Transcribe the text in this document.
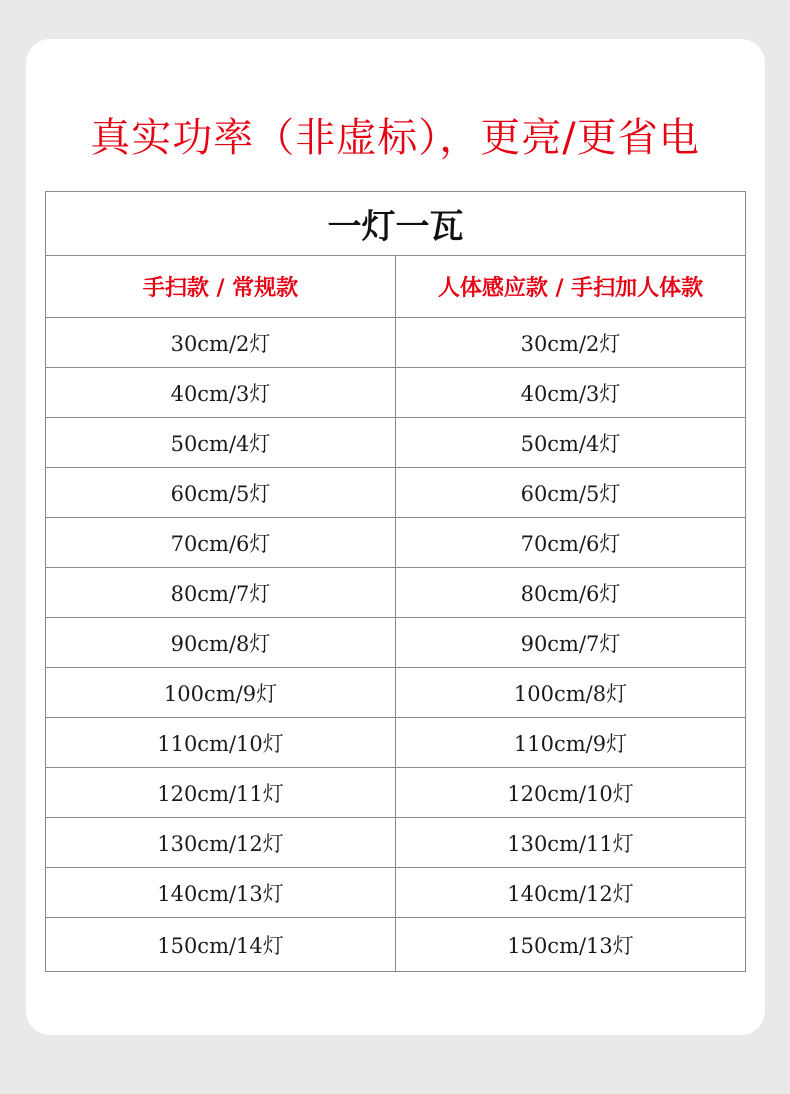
真实功率（非虚标），更亮/更省电
一灯一瓦	
手扫款 / 常规款	人体感应款 / 手扫加人体款
30cm/2灯	30cm/2灯
40cm/3灯	40cm/3灯
50cm/4灯	50cm/4灯
60cm/5灯	60cm/5灯
70cm/6灯	70cm/6灯
80cm/7灯	80cm/6灯
90cm/8灯	90cm/7灯
100cm/9灯	100cm/8灯
110cm/10灯	110cm/9灯
120cm/11灯	120cm/10灯
130cm/12灯	130cm/11灯
140cm/13灯	140cm/12灯
150cm/14灯	150cm/13灯
